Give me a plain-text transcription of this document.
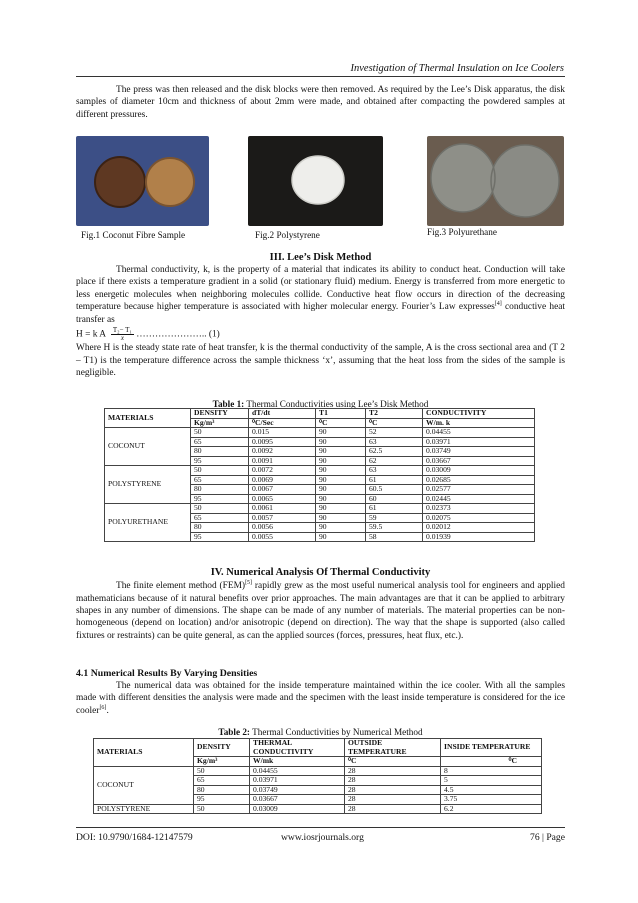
Investigation of Thermal Insulation on Ice Coolers

The press was then released and the disk blocks were then removed. As required by the Lee’s Disk apparatus, the disk samples of diameter 10cm and thickness of about 2mm were made, and obtained after compacting the powdered samples at different pressures.

Fig.1 Coconut Fibre Sample	Fig.2 Polystyrene	Fig.3 Polyurethane
III. Lee’s Disk Method

Thermal conductivity, k, is the property of a material that indicates its ability to conduct heat. Conduction will take place if there exists a temperature gradient in a solid (or stationary fluid) medium. Energy is transferred from more energetic to less energetic molecules when neighboring molecules collide. Conductive heat flow occurs in direction of the decreasing temperature because higher temperature is associated with higher molecular energy. Fourier’s Law expresses[4] conductive heat transfer as

H = k A $\frac{\text{T₂− T₁}}{x}$ ………………….. (1)

Where H is the steady state rate of heat transfer, k is the thermal conductivity of the sample, A is the cross sectional area and (T 2 – T1) is the temperature difference across the sample thickness ‘x’, assuming that the heat loss from the sides of the sample is negligible.

Table 1: Thermal Conductivities using Lee’s Disk Method
MATERIALS	DENSITY	dT/dt	T1	T2	CONDUCTIVITY
	Kg/m³	⁰C/Sec	⁰C	⁰C	W/m. k
COCONUT	50	0.015	90	52	0.04455
	65	0.0095	90	63	0.03971
	80	0.0092	90	62.5	0.03749
	95	0.0091	90	62	0.03667
POLYSTYRENE	50	0.0072	90	63	0.03009
	65	0.0069	90	61	0.02685
	80	0.0067	90	60.5	0.02577
	95	0.0065	90	60	0.02445
POLYURETHANE	50	0.0061	90	61	0.02373
	65	0.0057	90	59	0.02075
	80	0.0056	90	59.5	0.02012
	95	0.0055	90	58	0.01939
IV. Numerical Analysis Of Thermal Conductivity

The finite element method (FEM)[5] rapidly grew as the most useful numerical analysis tool for engineers and applied mathematicians because of it natural benefits over prior approaches. The main advantages are that it can be applied to arbitrary shapes in any number of dimensions. The shape can be made of any number of materials. The material properties can be non-homogeneous (depend on location) and/or anisotropic (depend on direction). The way that the shape is supported (also called fixtures or restraints) can be quite general, as can the applied sources (forces, pressures, heat flux, etc.).

4.1 Numerical Results By Varying Densities

The numerical data was obtained for the inside temperature maintained within the ice cooler. With all the samples made with different densities the analysis were made and the specimen with the least inside temperature is considered for the ice cooler[6].

Table 2: Thermal Conductivities by Numerical Method
MATERIALS	DENSITY	THERMAL CONDUCTIVITY	OUTSIDE TEMPERATURE	INSIDE TEMPERATURE
	Kg/m³	W/mk	⁰C	⁰C
COCONUT	50	0.04455	28	8
	65	0.03971	28	5
	80	0.03749	28	4.5
	95	0.03667	28	3.75
POLYSTYRENE	50	0.03009	28	6.2
DOI: 10.9790/1684-12147579	www.iosrjournals.org	76 | Page
